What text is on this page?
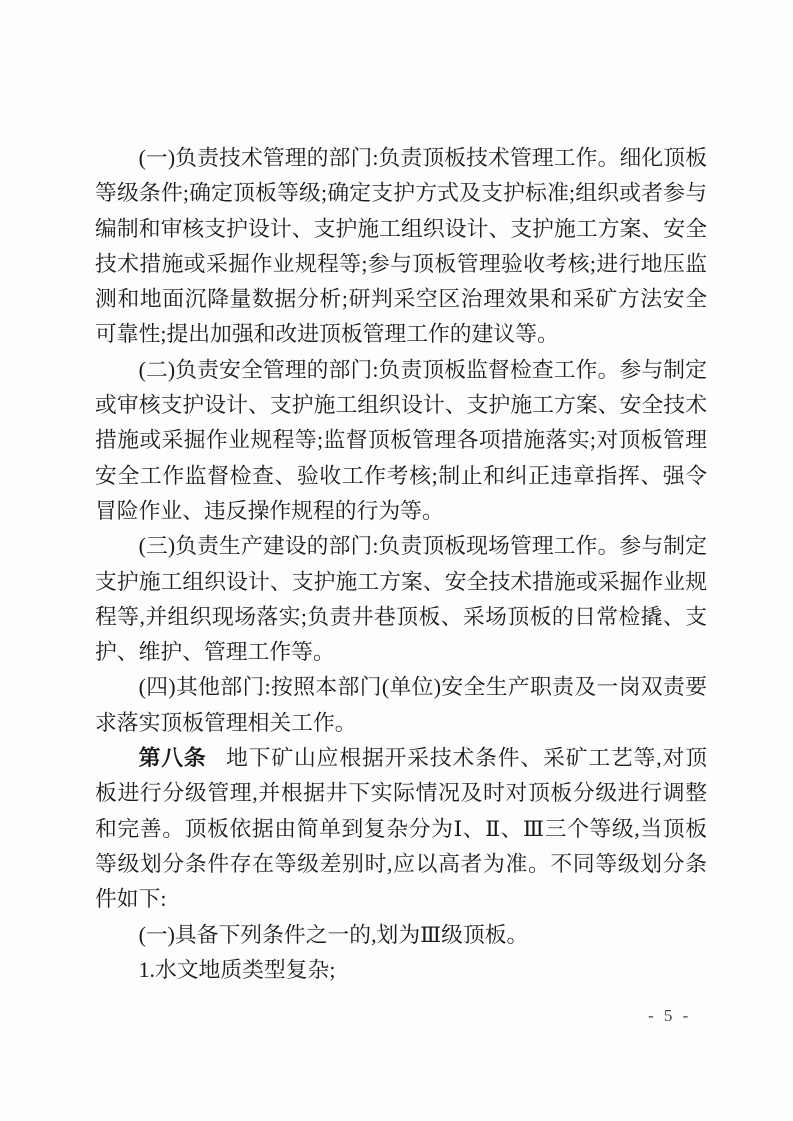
(一)负责技术管理的部门:负责顶板技术管理工作。细化顶板等级条件;确定顶板等级;确定支护方式及支护标准;组织或者参与编制和审核支护设计、支护施工组织设计、支护施工方案、安全技术措施或采掘作业规程等;参与顶板管理验收考核;进行地压监测和地面沉降量数据分析;研判采空区治理效果和采矿方法安全可靠性;提出加强和改进顶板管理工作的建议等。

(二)负责安全管理的部门:负责顶板监督检查工作。参与制定或审核支护设计、支护施工组织设计、支护施工方案、安全技术措施或采掘作业规程等;监督顶板管理各项措施落实;对顶板管理安全工作监督检查、验收工作考核;制止和纠正违章指挥、强令冒险作业、违反操作规程的行为等。

(三)负责生产建设的部门:负责顶板现场管理工作。参与制定支护施工组织设计、支护施工方案、安全技术措施或采掘作业规程等,并组织现场落实;负责井巷顶板、采场顶板的日常检撬、支护、维护、管理工作等。

(四)其他部门:按照本部门(单位)安全生产职责及一岗双责要求落实顶板管理相关工作。

第八条 地下矿山应根据开采技术条件、采矿工艺等,对顶板进行分级管理,并根据井下实际情况及时对顶板分级进行调整和完善。顶板依据由简单到复杂分为Ⅰ、Ⅱ、Ⅲ三个等级,当顶板等级划分条件存在等级差别时,应以高者为准。不同等级划分条件如下:

(一)具备下列条件之一的,划为Ⅲ级顶板。

1.水文地质类型复杂;

- 5 -
